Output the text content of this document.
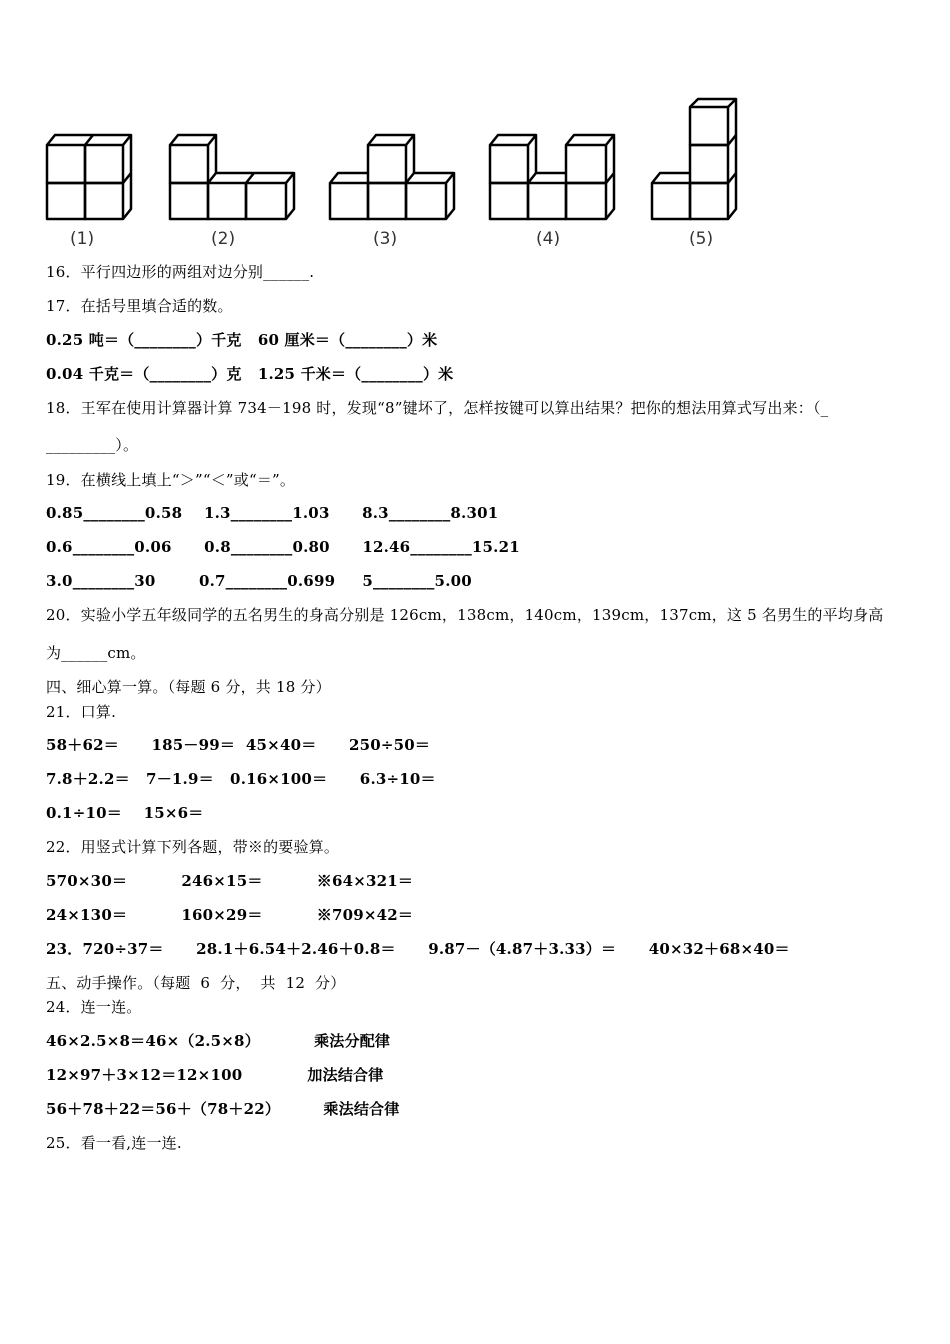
(1)	(2)	(3)	(4)	(5)
16．平行四边形的两组对边分别______.
17．在括号里填合适的数。
0.25 吨＝（________）千克   60 厘米＝（________）米
0.04 千克＝（________）克   1.25 千米＝（________）米
18．王军在使用计算器计算 734－198 时，发现“8”键坏了，怎样按键可以算出结果？把你的想法用算式写出来：（_
_________）。
19．在横线上填上“＞”“＜”或“＝”。
0.85________0.58    1.3________1.03      8.3________8.301
0.6________0.06      0.8________0.80      12.46________15.21
3.0________30        0.7________0.699     5________5.00
20．实验小学五年级同学的五名男生的身高分别是 126cm，138cm，140cm，139cm，137cm，这 5 名男生的平均身高
为______cm。
四、细心算一算。（每题 6 分，共 18 分）
21．口算.
58＋62＝      185－99＝  45×40＝      250÷50＝
7.8＋2.2＝   7－1.9＝   0.16×100＝      6.3÷10＝
0.1÷10＝    15×6＝
22．用竖式计算下列各题，带※的要验算。
570×30＝          246×15＝          ※64×321＝
24×130＝          160×29＝          ※709×42＝
23．720÷37＝      28.1＋6.54＋2.46＋0.8＝      9.87－（4.87＋3.33）＝      40×32＋68×40＝
五、动手操作。（每题  6  分，  共  12  分）
24．连一连。
46×2.5×8＝46×（2.5×8）          乘法分配律
12×97＋3×12＝12×100            加法结合律
56＋78＋22＝56＋（78＋22）        乘法结合律
25．看一看,连一连.
